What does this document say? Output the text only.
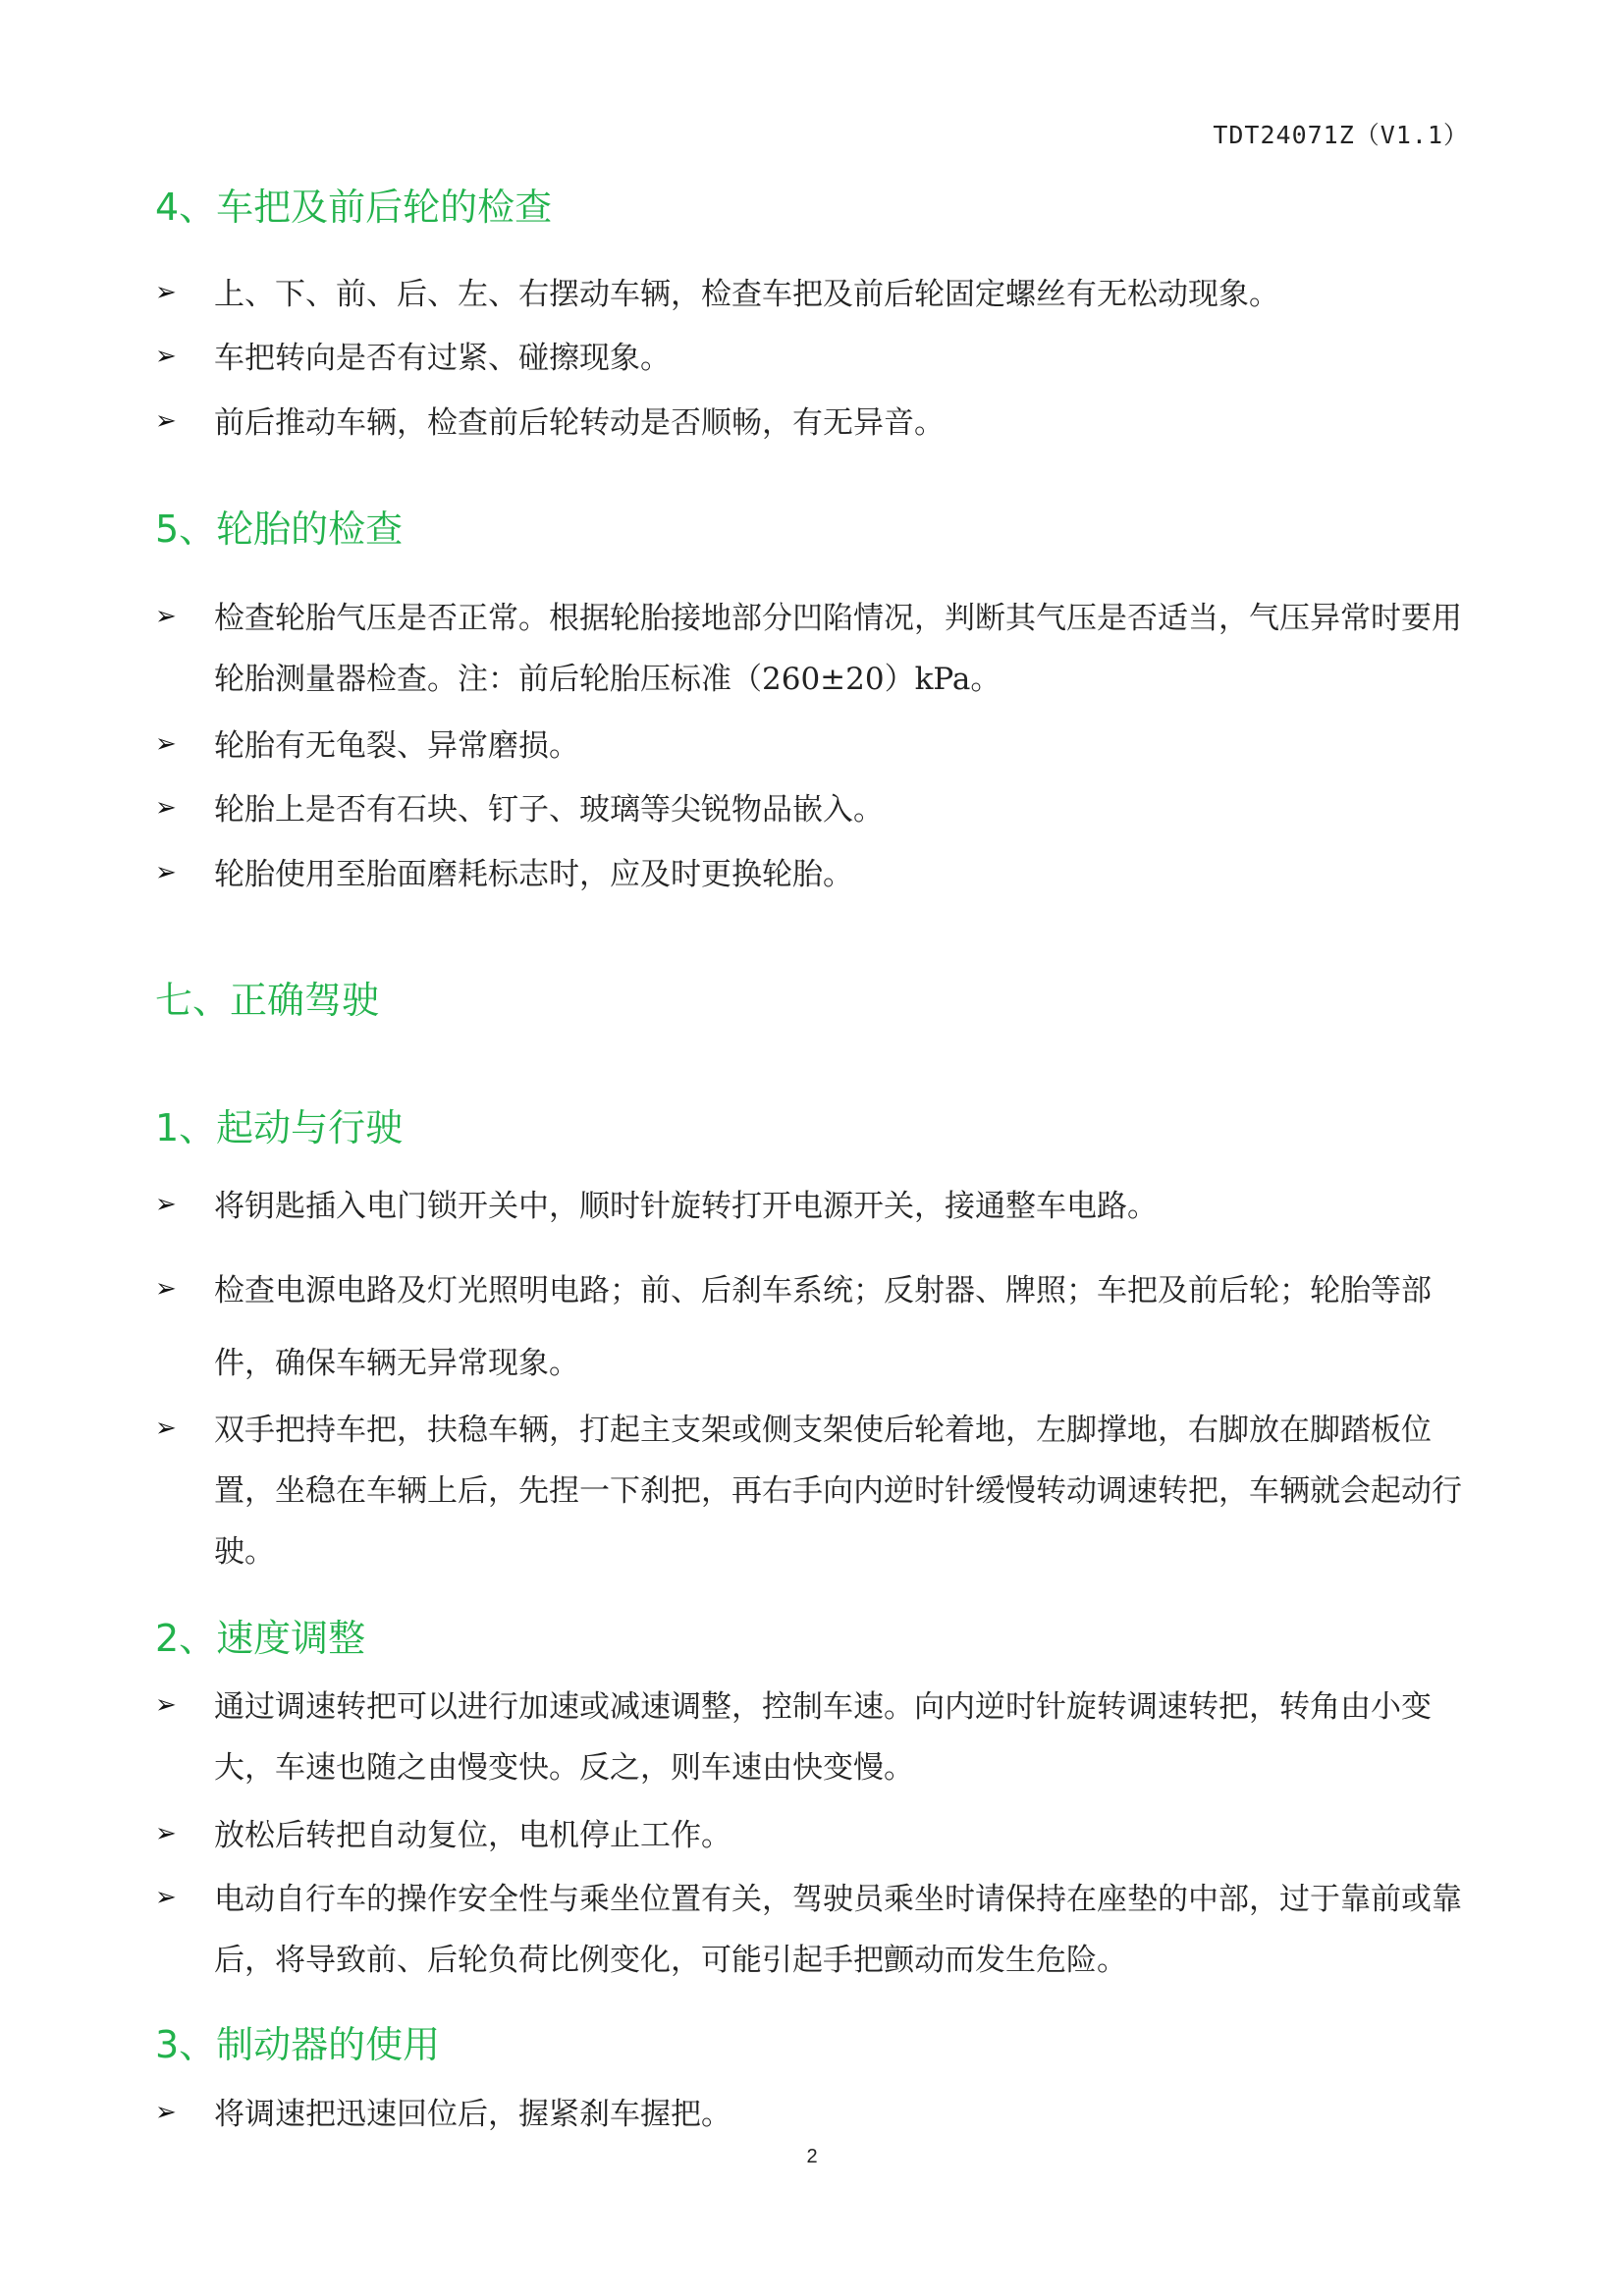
TDT24071Z（V1.1）
4、车把及前后轮的检查
➢ 上、下、前、后、左、右摆动车辆，检查车把及前后轮固定螺丝有无松动现象。
➢ 车把转向是否有过紧、碰擦现象。
➢ 前后推动车辆，检查前后轮转动是否顺畅，有无异音。
5、轮胎的检查
➢ 检查轮胎气压是否正常。根据轮胎接地部分凹陷情况，判断其气压是否适当，气压异常时要用轮胎测量器检查。注：前后轮胎压标准（260±20）kPa。
➢ 轮胎有无龟裂、异常磨损。
➢ 轮胎上是否有石块、钉子、玻璃等尖锐物品嵌入。
➢ 轮胎使用至胎面磨耗标志时，应及时更换轮胎。
七、正确驾驶
1、起动与行驶
➢ 将钥匙插入电门锁开关中，顺时针旋转打开电源开关，接通整车电路。
➢ 检查电源电路及灯光照明电路；前、后刹车系统；反射器、牌照；车把及前后轮；轮胎等部件，确保车辆无异常现象。
➢ 双手把持车把，扶稳车辆，打起主支架或侧支架使后轮着地，左脚撑地，右脚放在脚踏板位置，坐稳在车辆上后，先捏一下刹把，再右手向内逆时针缓慢转动调速转把，车辆就会起动行驶。
2、速度调整
➢ 通过调速转把可以进行加速或减速调整，控制车速。向内逆时针旋转调速转把，转角由小变大，车速也随之由慢变快。反之，则车速由快变慢。
➢ 放松后转把自动复位，电机停止工作。
➢ 电动自行车的操作安全性与乘坐位置有关，驾驶员乘坐时请保持在座垫的中部，过于靠前或靠后，将导致前、后轮负荷比例变化，可能引起手把颤动而发生危险。
3、制动器的使用
➢ 将调速把迅速回位后，握紧刹车握把。
2
